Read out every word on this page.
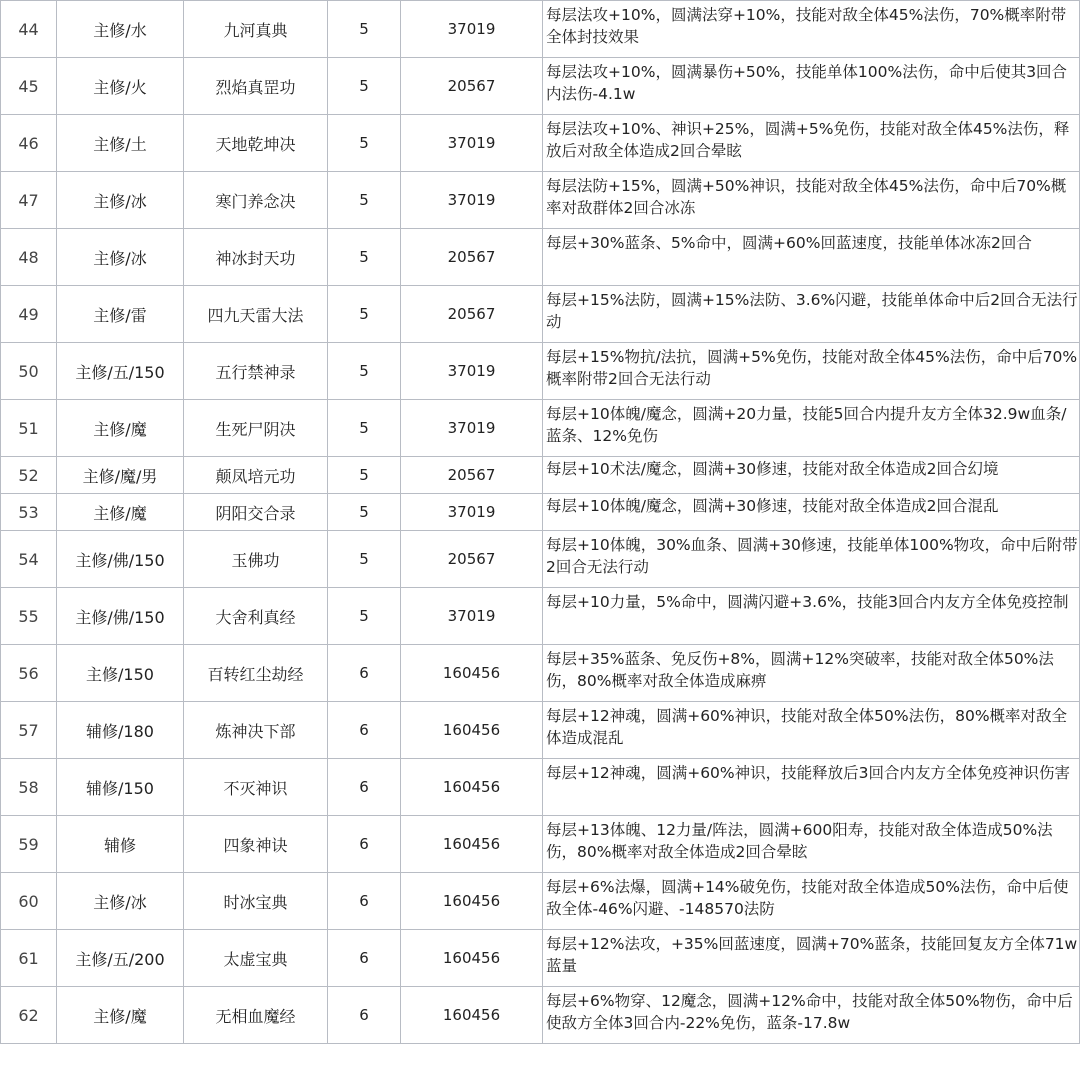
44	主修/水	九河真典	5	37019	每层法攻+10%，圆满法穿+10%，技能对敌全体45%法伤，70%概率附带全体封技效果

45	主修/火	烈焰真罡功	5	20567	每层法攻+10%，圆满暴伤+50%，技能单体100%法伤，命中后使其3回合内法伤-4.1w

46	主修/土	天地乾坤决	5	37019	每层法攻+10%、神识+25%，圆满+5%免伤，技能对敌全体45%法伤，释放后对敌全体造成2回合晕眩

47	主修/冰	寒门养念决	5	37019	每层法防+15%，圆满+50%神识，技能对敌全体45%法伤，命中后70%概率对敌群体2回合冰冻

48	主修/冰	神冰封天功	5	20567	每层+30%蓝条、5%命中，圆满+60%回蓝速度，技能单体冰冻2回合

49	主修/雷	四九天雷大法	5	20567	每层+15%法防，圆满+15%法防、3.6%闪避，技能单体命中后2回合无法行动

50	主修/五/150	五行禁神录	5	37019	每层+15%物抗/法抗，圆满+5%免伤，技能对敌全体45%法伤，命中后70%概率附带2回合无法行动

51	主修/魔	生死尸阴决	5	37019	每层+10体魄/魔念，圆满+20力量，技能5回合内提升友方全体32.9w血条/蓝条、12%免伤

52	主修/魔/男	颠凤培元功	5	20567	每层+10术法/魔念，圆满+30修速，技能对敌全体造成2回合幻境

53	主修/魔	阴阳交合录	5	37019	每层+10体魄/魔念，圆满+30修速，技能对敌全体造成2回合混乱

54	主修/佛/150	玉佛功	5	20567	每层+10体魄，30%血条、圆满+30修速，技能单体100%物攻，命中后附带2回合无法行动

55	主修/佛/150	大舍利真经	5	37019	每层+10力量，5%命中，圆满闪避+3.6%，技能3回合内友方全体免疫控制

56	主修/150	百转红尘劫经	6	160456	每层+35%蓝条、免反伤+8%，圆满+12%突破率，技能对敌全体50%法伤，80%概率对敌全体造成麻痹

57	辅修/180	炼神决下部	6	160456	每层+12神魂，圆满+60%神识，技能对敌全体50%法伤，80%概率对敌全体造成混乱

58	辅修/150	不灭神识	6	160456	每层+12神魂，圆满+60%神识，技能释放后3回合内友方全体免疫神识伤害

59	辅修	四象神诀	6	160456	每层+13体魄、12力量/阵法，圆满+600阳寿，技能对敌全体造成50%法伤，80%概率对敌全体造成2回合晕眩

60	主修/冰	时冰宝典	6	160456	每层+6%法爆，圆满+14%破免伤，技能对敌全体造成50%法伤，命中后使敌全体-46%闪避、-148570法防

61	主修/五/200	太虚宝典	6	160456	每层+12%法攻，+35%回蓝速度，圆满+70%蓝条，技能回复友方全体71w蓝量

62	主修/魔	无相血魔经	6	160456	每层+6%物穿、12魔念，圆满+12%命中，技能对敌全体50%物伤，命中后使敌方全体3回合内-22%免伤，蓝条-17.8w
